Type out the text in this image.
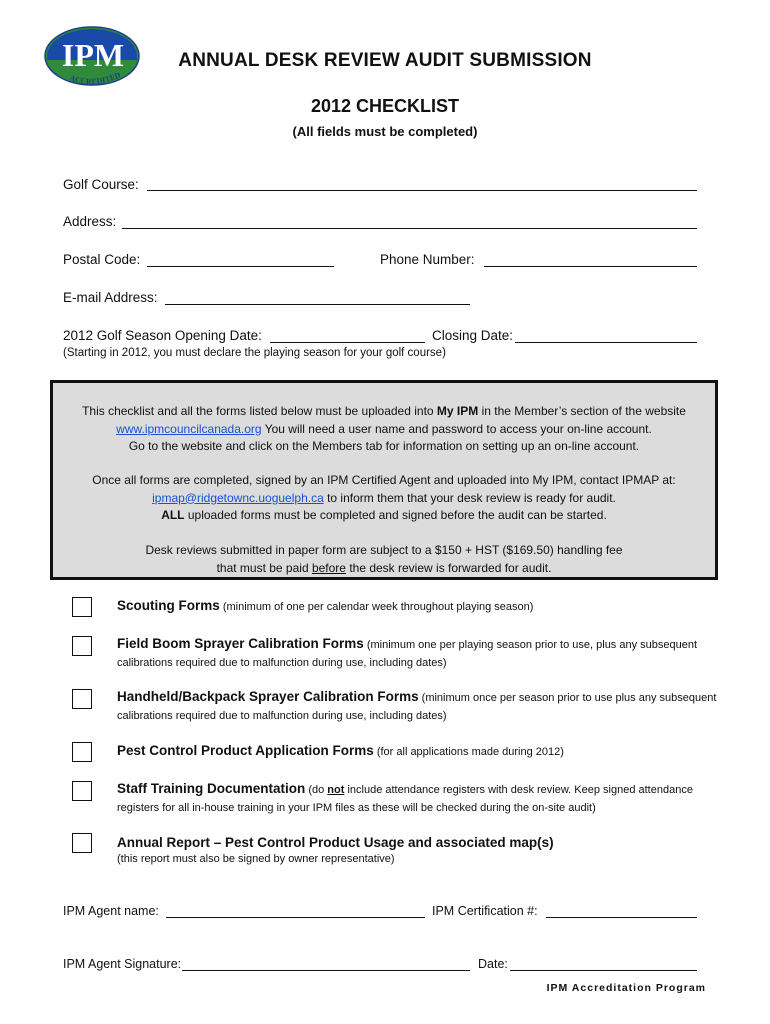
IPM
ACCREDITED
ANNUAL DESK REVIEW AUDIT SUBMISSION
2012 CHECKLIST
(All fields must be completed)
Golf Course:
Address:
Postal Code:	Phone Number:
E-mail Address:
2012 Golf Season Opening Date:	Closing Date:
(Starting in 2012, you must declare the playing season for your golf course)

This checklist and all the forms listed below must be uploaded into My IPM in the Member’s section of the website

www.ipmcouncilcanada.org You will need a user name and password to access your on-line account.

Go to the website and click on the Members tab for information on setting up an on-line account.

Once all forms are completed, signed by an IPM Certified Agent and uploaded into My IPM, contact IPMAP at:

ipmap@ridgetownc.uoguelph.ca to inform them that your desk review is ready for audit.

ALL uploaded forms must be completed and signed before the audit can be started.

Desk reviews submitted in paper form are subject to a $150 + HST ($169.50) handling fee

that must be paid before the desk review is forwarded for audit.

Scouting Forms (minimum of one per calendar week throughout playing season)
Field Boom Sprayer Calibration Forms (minimum one per playing season prior to use, plus any subsequent calibrations required due to malfunction during use, including dates)
Handheld/Backpack Sprayer Calibration Forms (minimum once per season prior to use plus any subsequent calibrations required due to malfunction during use, including dates)
Pest Control Product Application Forms (for all applications made during 2012)
Staff Training Documentation (do not include attendance registers with desk review. Keep signed attendance registers for all in-house training in your IPM files as these will be checked during the on-site audit)
Annual Report – Pest Control Product Usage and associated map(s)
(this report must also be signed by owner representative)
IPM Agent name:	IPM Certification #:
IPM Agent Signature:	Date:
IPM Accreditation Program
